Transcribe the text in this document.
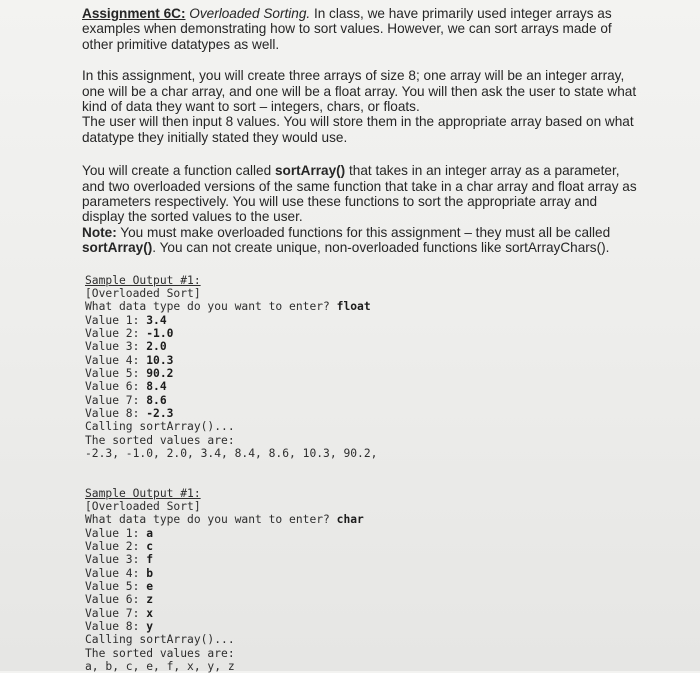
Assignment 6C: Overloaded Sorting. In class, we have primarily used integer arrays as examples when demonstrating how to sort values. However, we can sort arrays made of other primitive datatypes as well.

In this assignment, you will create three arrays of size 8; one array will be an integer array, one will be a char array, and one will be a float array. You will then ask the user to state what kind of data they want to sort – integers, chars, or floats.
The user will then input 8 values. You will store them in the appropriate array based on what datatype they initially stated they would use.

You will create a function called sortArray() that takes in an integer array as a parameter, and two overloaded versions of the same function that take in a char array and float array as parameters respectively. You will use these functions to sort the appropriate array and display the sorted values to the user.
Note: You must make overloaded functions for this assignment – they must all be called sortArray(). You can not create unique, non-overloaded functions like sortArrayChars().

Sample Output #1:
[Overloaded Sort]
What data type do you want to enter? float
Value 1: 3.4
Value 2: -1.0
Value 3: 2.0
Value 4: 10.3
Value 5: 90.2
Value 6: 8.4
Value 7: 8.6
Value 8: -2.3
Calling sortArray()...
The sorted values are:
-2.3, -1.0, 2.0, 3.4, 8.4, 8.6, 10.3, 90.2,
Sample Output #1:
[Overloaded Sort]
What data type do you want to enter? char
Value 1: a
Value 2: c
Value 3: f
Value 4: b
Value 5: e
Value 6: z
Value 7: x
Value 8: y
Calling sortArray()...
The sorted values are:
a, b, c, e, f, x, y, z
